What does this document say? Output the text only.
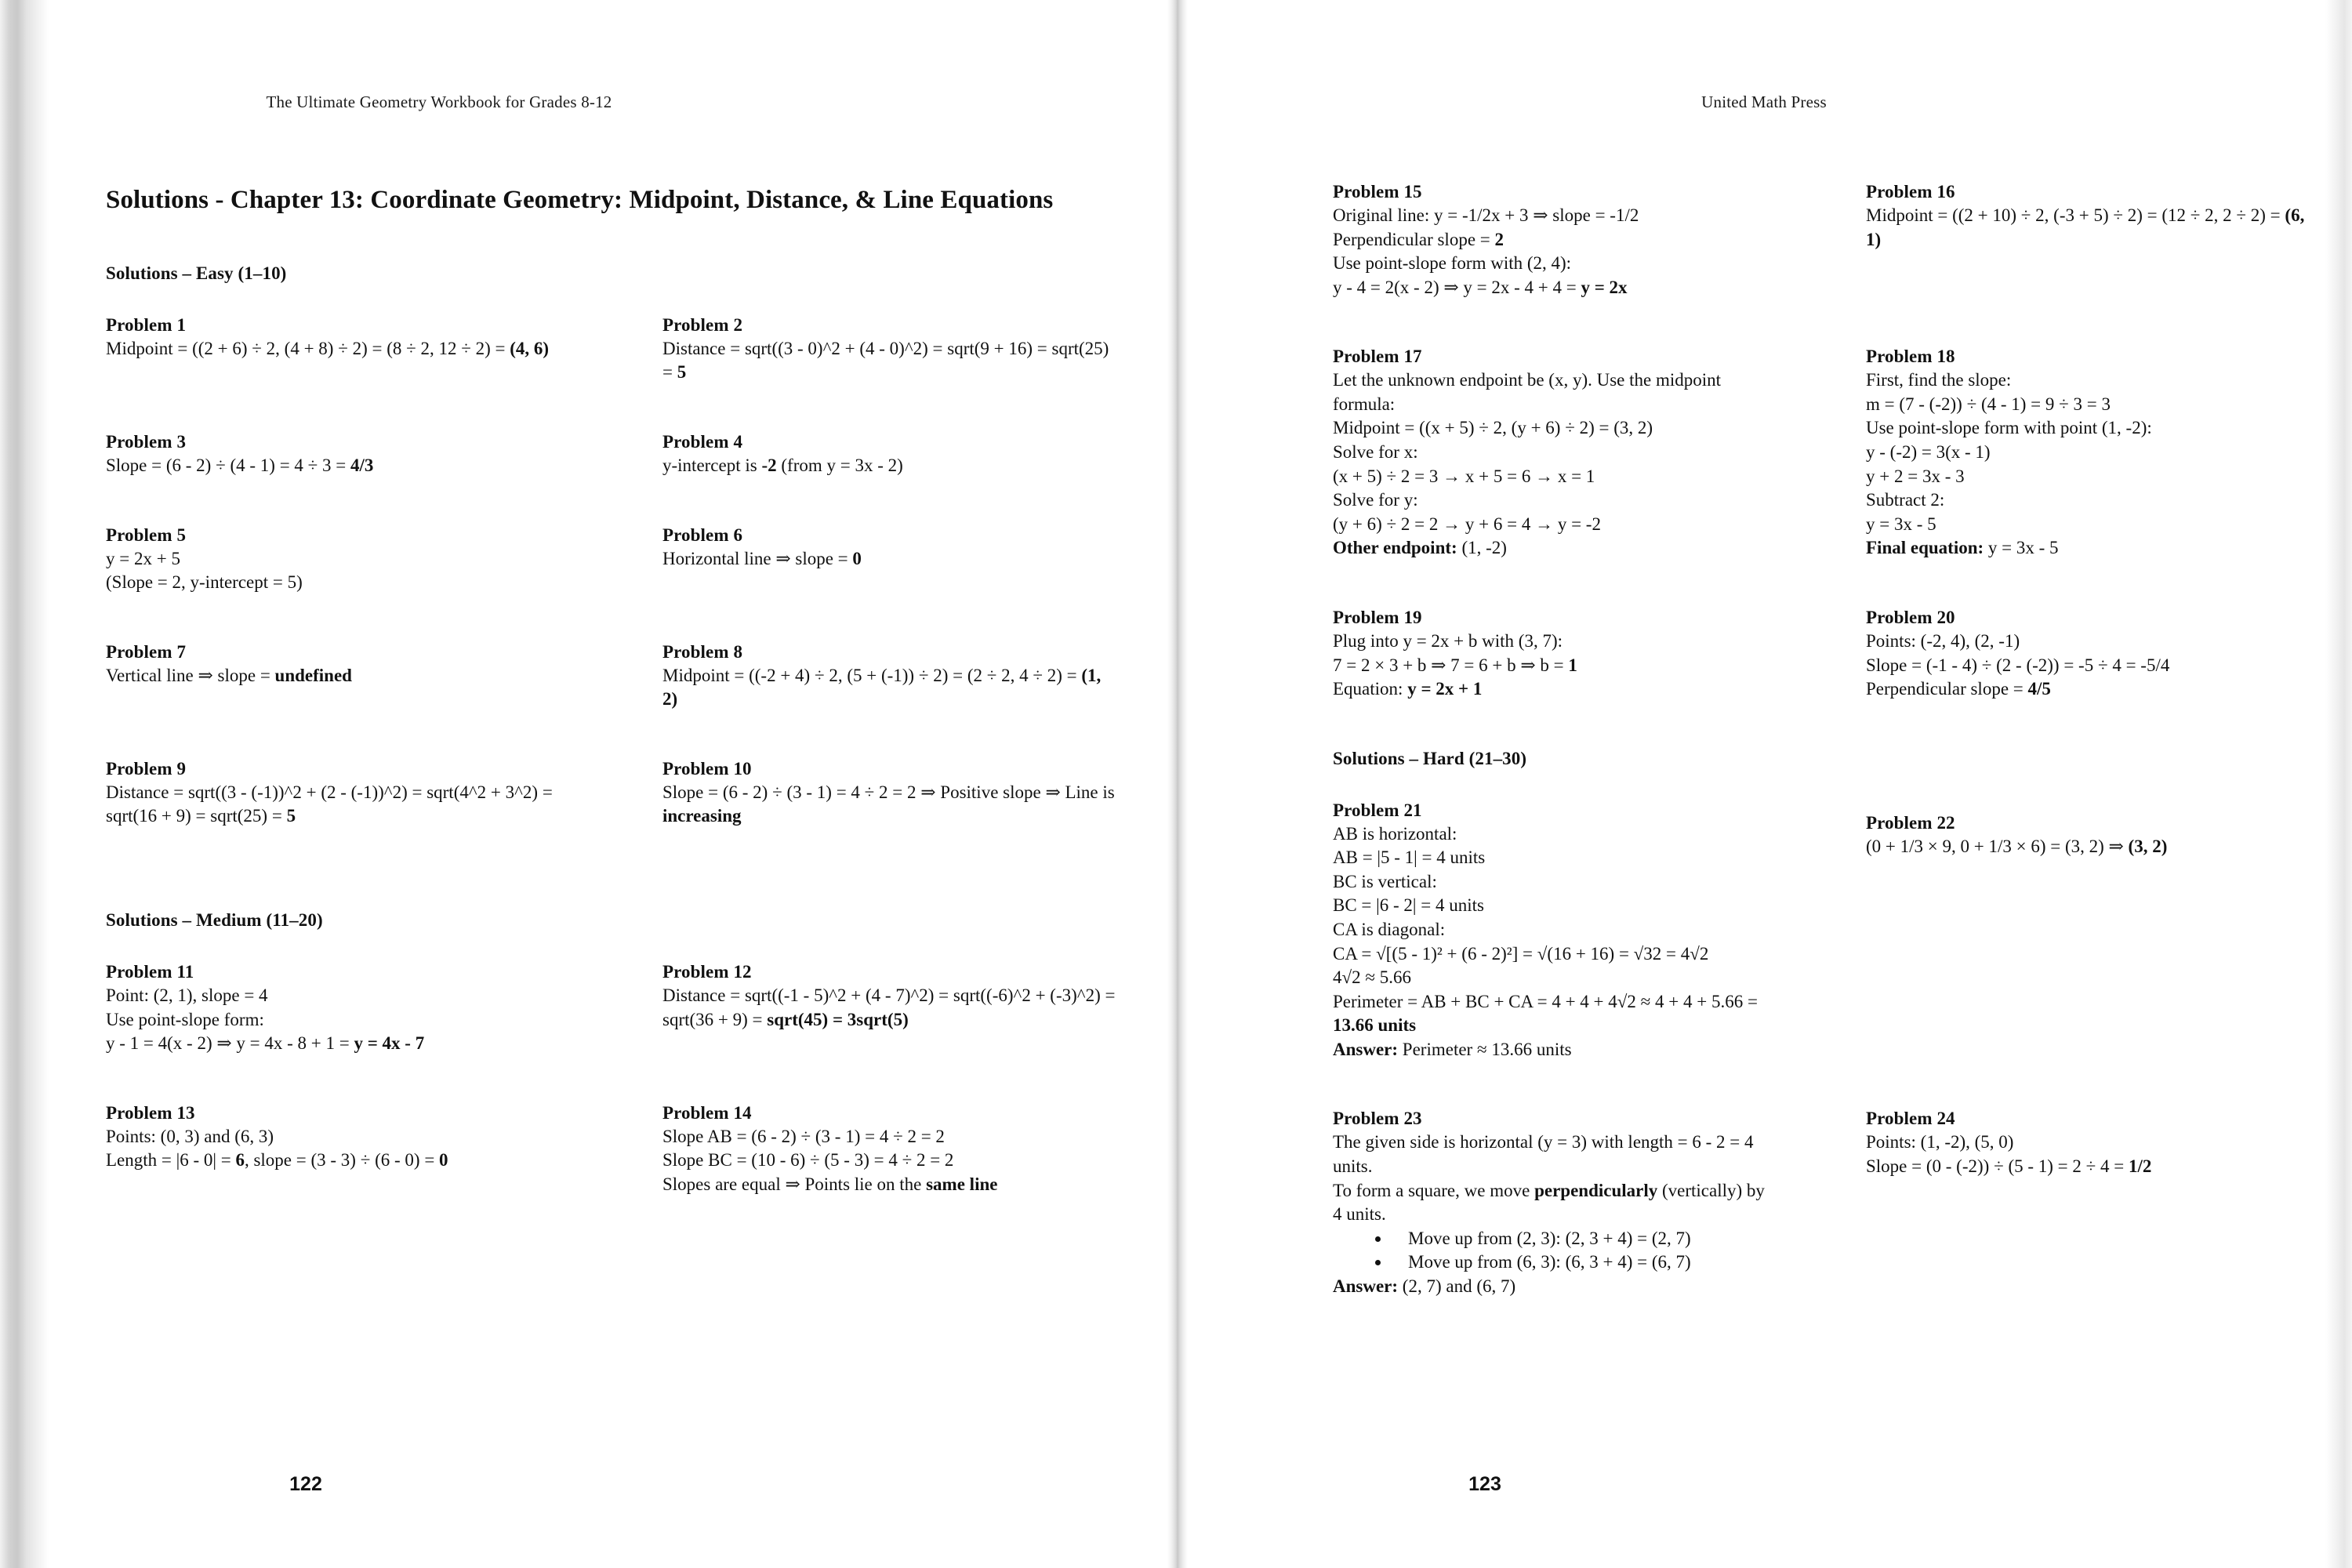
The Ultimate Geometry Workbook for Grades 8-12
Solutions - Chapter 13: Coordinate Geometry: Midpoint, Distance, & Line Equations
Solutions – Easy (1–10)
Problem 1

Midpoint = ((2 + 6) ÷ 2, (4 + 8) ÷ 2) = (8 ÷ 2, 12 ÷ 2) = (4, 6)

Problem 2

Distance = sqrt((3 - 0)^2 + (4 - 0)^2) = sqrt(9 + 16) = sqrt(25) = 5

Problem 3

Slope = (6 - 2) ÷ (4 - 1) = 4 ÷ 3 = 4/3

Problem 4

y-intercept is -2 (from y = 3x - 2)

Problem 5

y = 2x + 5

(Slope = 2, y-intercept = 5)

Problem 6

Horizontal line ⇒ slope = 0

Problem 7

Vertical line ⇒ slope = undefined

Problem 8

Midpoint = ((-2 + 4) ÷ 2, (5 + (-1)) ÷ 2) = (2 ÷ 2, 4 ÷ 2) = (1, 2)

Problem 9

Distance = sqrt((3 - (-1))^2 + (2 - (-1))^2) = sqrt(4^2 + 3^2) = sqrt(16 + 9) = sqrt(25) = 5

Problem 10

Slope = (6 - 2) ÷ (3 - 1) = 4 ÷ 2 = 2 ⇒ Positive slope ⇒ Line is increasing

Solutions – Medium (11–20)
Problem 11

Point: (2, 1), slope = 4

Use point-slope form:

y - 1 = 4(x - 2) ⇒ y = 4x - 8 + 1 = y = 4x - 7

Problem 12

Distance = sqrt((-1 - 5)^2 + (4 - 7)^2) = sqrt((-6)^2 + (-3)^2) = sqrt(36 + 9) = sqrt(45) = 3sqrt(5)

Problem 13

Points: (0, 3) and (6, 3)

Length = |6 - 0| = 6, slope = (3 - 3) ÷ (6 - 0) = 0

Problem 14

Slope AB = (6 - 2) ÷ (3 - 1) = 4 ÷ 2 = 2

Slope BC = (10 - 6) ÷ (5 - 3) = 4 ÷ 2 = 2

Slopes are equal ⇒ Points lie on the same line

122
United Math Press
Problem 15

Original line: y = -1/2x + 3 ⇒ slope = -1/2

Perpendicular slope = 2

Use point-slope form with (2, 4):

y - 4 = 2(x - 2) ⇒ y = 2x - 4 + 4 = y = 2x

Problem 16

Midpoint = ((2 + 10) ÷ 2, (-3 + 5) ÷ 2) = (12 ÷ 2, 2 ÷ 2) = (6, 1)

Problem 17

Let the unknown endpoint be (x, y). Use the midpoint formula:

Midpoint = ((x + 5) ÷ 2, (y + 6) ÷ 2) = (3, 2)

Solve for x:

(x + 5) ÷ 2 = 3 → x + 5 = 6 → x = 1

Solve for y:

(y + 6) ÷ 2 = 2 → y + 6 = 4 → y = -2

Other endpoint: (1, -2)

Problem 18

First, find the slope:

m = (7 - (-2)) ÷ (4 - 1) = 9 ÷ 3 = 3

Use point-slope form with point (1, -2):

y - (-2) = 3(x - 1)

y + 2 = 3x - 3

Subtract 2:

y = 3x - 5

Final equation: y = 3x - 5

Problem 19

Plug into y = 2x + b with (3, 7):

7 = 2 × 3 + b ⇒ 7 = 6 + b ⇒ b = 1

Equation: y = 2x + 1

Problem 20

Points: (-2, 4), (2, -1)

Slope = (-1 - 4) ÷ (2 - (-2)) = -5 ÷ 4 = -5/4

Perpendicular slope = 4/5

Solutions – Hard (21–30)
Problem 21

AB is horizontal:

AB = |5 - 1| = 4 units

BC is vertical:

BC = |6 - 2| = 4 units

CA is diagonal:

CA = √[(5 - 1)² + (6 - 2)²] = √(16 + 16) = √32 = 4√2

4√2 ≈ 5.66

Perimeter = AB + BC + CA = 4 + 4 + 4√2 ≈ 4 + 4 + 5.66 = 13.66 units

Answer: Perimeter ≈ 13.66 units

Problem 22

(0 + 1/3 × 9, 0 + 1/3 × 6) = (3, 2) ⇒ (3, 2)

Problem 23

The given side is horizontal (y = 3) with length = 6 - 2 = 4 units.

To form a square, we move perpendicularly (vertically) by 4 units.

• Move up from (2, 3): (2, 3 + 4) = (2, 7)
• Move up from (6, 3): (6, 3 + 4) = (6, 7)

Answer: (2, 7) and (6, 7)

Problem 24

Points: (1, -2), (5, 0)

Slope = (0 - (-2)) ÷ (5 - 1) = 2 ÷ 4 = 1/2

123
